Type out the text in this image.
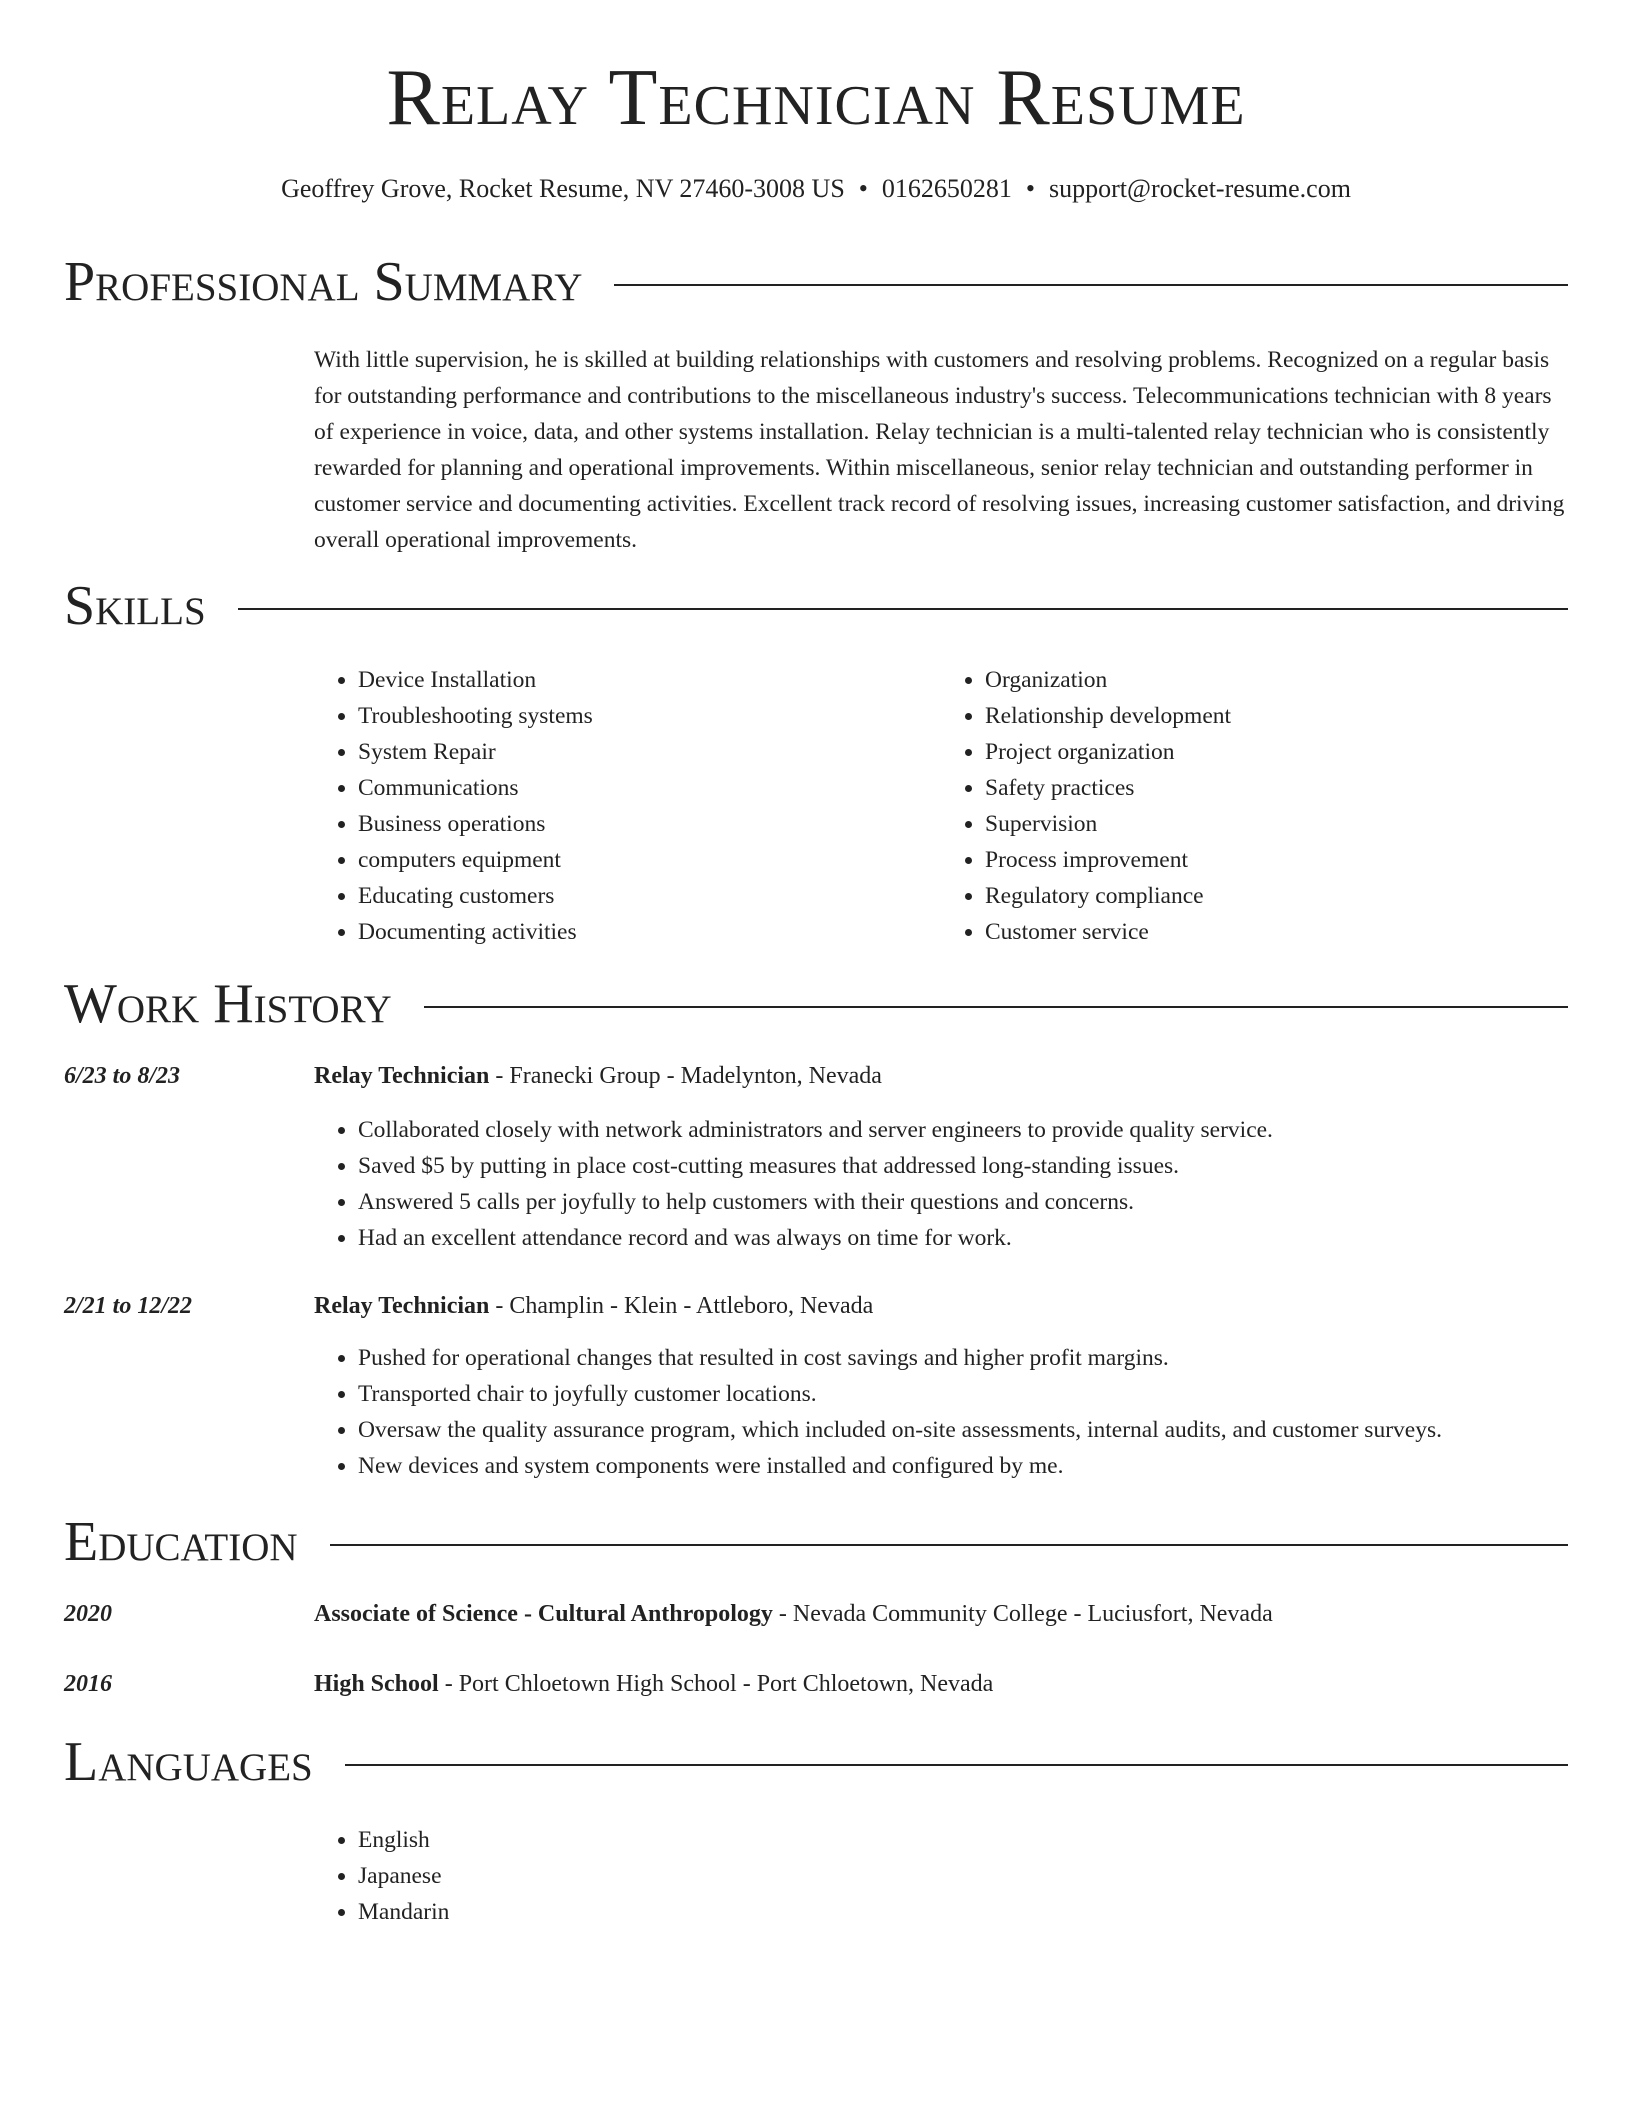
Relay Technician Resume
Geoffrey Grove, Rocket Resume, NV 27460-3008 US • 0162650281 • support@rocket-resume.com
Professional Summary

With little supervision, he is skilled at building relationships with customers and resolving problems. Recognized on a regular basis for outstanding performance and contributions to the miscellaneous industry's success. Telecommunications technician with 8 years of experience in voice, data, and other systems installation. Relay technician is a multi-talented relay technician who is consistently rewarded for planning and operational improvements. Within miscellaneous, senior relay technician and outstanding performer in customer service and documenting activities. Excellent track record of resolving issues, increasing customer satisfaction, and driving overall operational improvements.

Skills
• Device Installation
• Troubleshooting systems
• System Repair
• Communications
• Business operations
• computers equipment
• Educating customers
• Documenting activities
• Organization
• Relationship development
• Project organization
• Safety practices
• Supervision
• Process improvement
• Regulatory compliance
• Customer service
Work History
6/23 to 8/23	Relay Technician - Franecki Group - Madelynton, Nevada
• Collaborated closely with network administrators and server engineers to provide quality service.
• Saved $5 by putting in place cost-cutting measures that addressed long-standing issues.
• Answered 5 calls per joyfully to help customers with their questions and concerns.
• Had an excellent attendance record and was always on time for work.
2/21 to 12/22	Relay Technician - Champlin - Klein - Attleboro, Nevada
• Pushed for operational changes that resulted in cost savings and higher profit margins.
• Transported chair to joyfully customer locations.
• Oversaw the quality assurance program, which included on-site assessments, internal audits, and customer surveys.
• New devices and system components were installed and configured by me.
Education
2020	Associate of Science - Cultural Anthropology - Nevada Community College - Luciusfort, Nevada
2016	High School - Port Chloetown High School - Port Chloetown, Nevada
Languages
• English
• Japanese
• Mandarin
